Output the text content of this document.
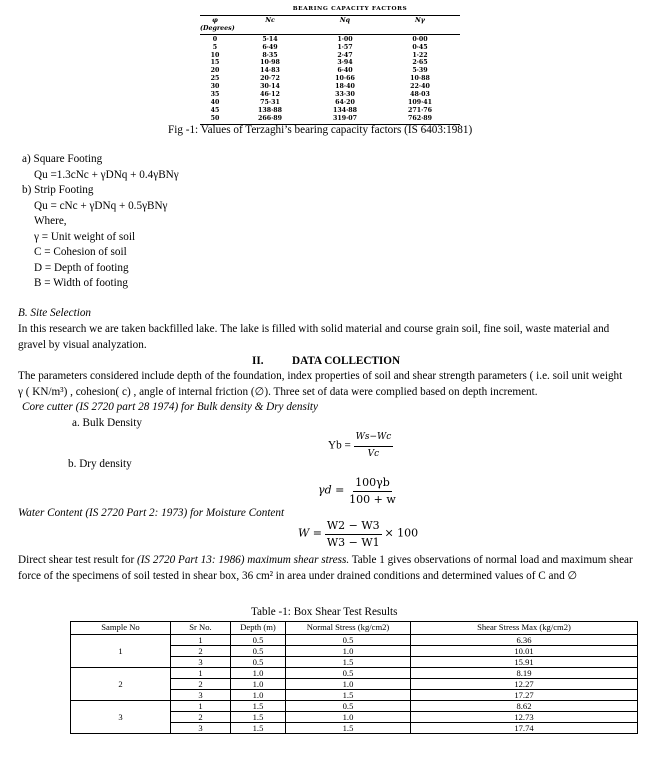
BEARING CAPACITY FACTORS
φ (Degrees)
Nc	Nq	Nγ
0	5·14	1·00	0·00
5	6·49	1·57	0·45
10	8·35	2·47	1·22
15	10·98	3·94	2·65
20	14·83	6·40	5·39
25	20·72	10·66	10·88
30	30·14	18·40	22·40
35	46·12	33·30	48·03
40	75·31	64·20	109·41
45	138·88	134·88	271·76
50	266·89	319·07	762·89
Fig -1: Values of Terzaghi’s bearing capacity factors (IS 6403:1981)
a) Square Footing
Qu =1.3cNc + γDNq + 0.4γBNγ
b) Strip Footing
Qu = cNc + γDNq + 0.5γBNγ
Where,
γ = Unit weight of soil
C = Cohesion of soil
D = Depth of footing
B = Width of footing
B. Site Selection
In this research we are taken backfilled lake. The lake is filled with solid material and course grain soil, fine soil, waste material and
gravel by visual analyzation.
II.	DATA COLLECTION
The parameters considered include depth of the foundation, index properties of soil and shear strength parameters ( i.e. soil unit weight
γ ( KN/m³) , cohesion( c) , angle of internal friction (∅). Three set of data were complied based on depth increment.
Core cutter (IS 2720 part 28 1974) for Bulk density & Dry density
a. Bulk Density
$Yb = \frac{Ws-Wc}{Vc}$
b. Dry density
$\gamma d = \frac{100\gamma b}{100 + w}$
Water Content (IS 2720 Part 2: 1973) for Moisture Content
$W = \frac{W2 - W3}{W3 - W1} \times 100$
Direct shear test result for (IS 2720 Part 13: 1986) maximum shear stress. Table 1 gives observations of normal load and maximum shear
force of the specimens of soil tested in shear box, 36 cm² in area under drained conditions and determined values of C and ∅
Table -1: Box Shear Test Results
Sample No	Sr No.	Depth (m)	Normal Stress (kg/cm2)	Shear Stress Max (kg/cm2)
1	1	0.5	0.5	6.36
	2	0.5	1.0	10.01
	3	0.5	1.5	15.91
2	1	1.0	0.5	8.19
	2	1.0	1.0	12.27
	3	1.0	1.5	17.27
3	1	1.5	0.5	8.62
	2	1.5	1.0	12.73
	3	1.5	1.5	17.74
